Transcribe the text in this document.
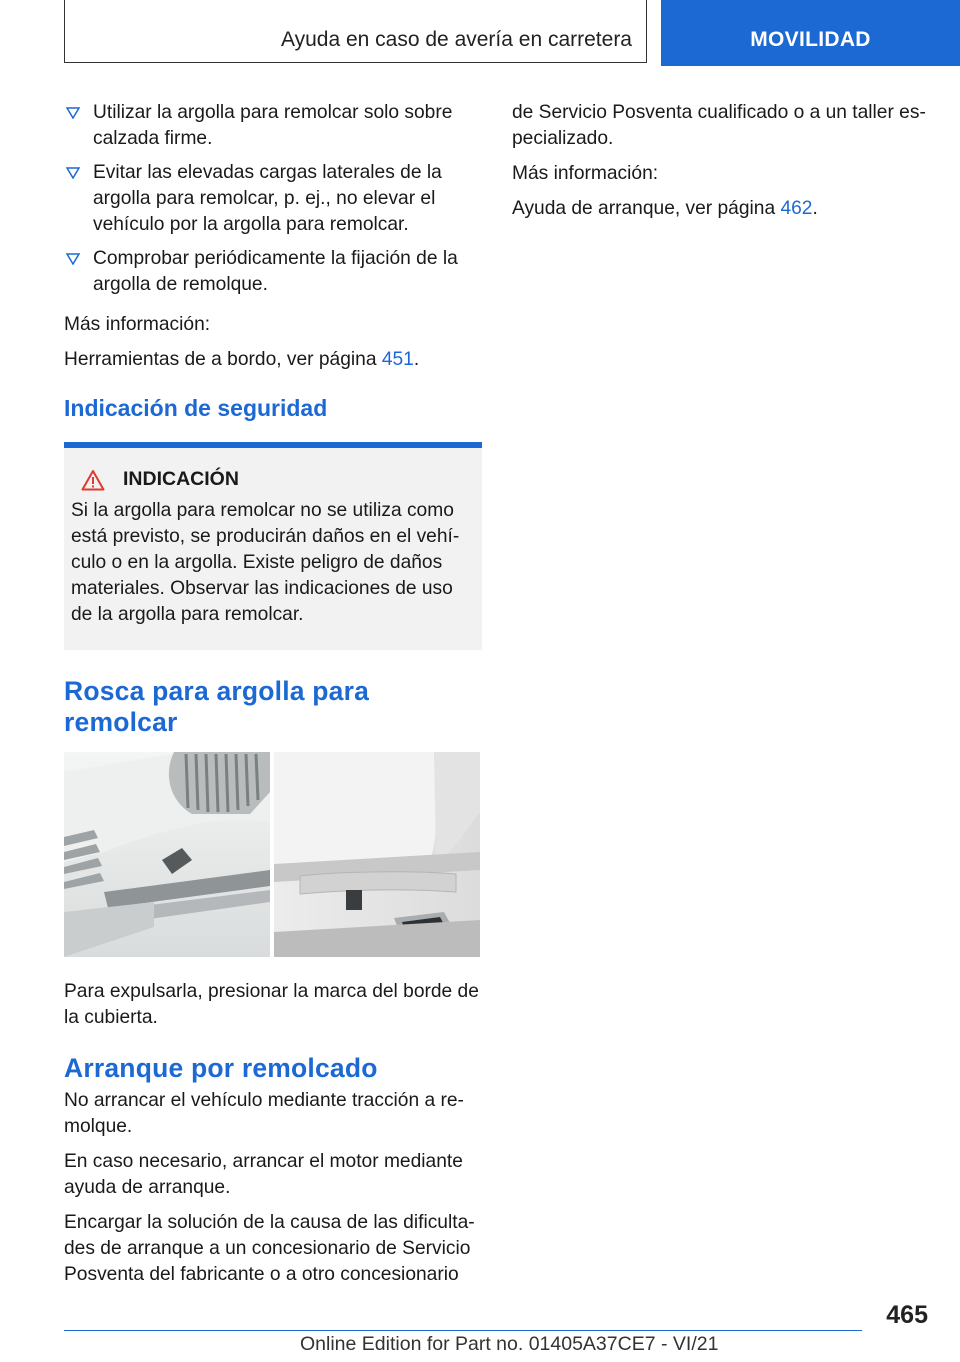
Ayuda en caso de avería en carretera	MOVILIDAD
Utilizar la argolla para remolcar solo sobre calzada firme.
Evitar las elevadas cargas laterales de la argolla para remolcar, p. ej., no elevar el vehículo por la argolla para remolcar.
Comprobar periódicamente la fijación de la argolla de remolque.

Más información:

Herramientas de a bordo, ver página 451.

Indicación de seguridad
INDICACIÓN
Si la argolla para remolcar no se utiliza como está previsto, se producirán daños en el vehículo o en la argolla. Existe peligro de daños materiales. Observar las indicaciones de uso de la argolla para remolcar.
Rosca para argolla para remolcar

Para expulsarla, presionar la marca del borde de la cubierta.

Arranque por remolcado

No arrancar el vehículo mediante tracción a remolque.

En caso necesario, arrancar el motor mediante ayuda de arranque.

Encargar la solución de la causa de las dificultades de arranque a un concesionario de Servicio Posventa del fabricante o a otro concesionario

de Servicio Posventa cualificado o a un taller especializado.

Más información:

Ayuda de arranque, ver página 462.

465
Online Edition for Part no. 01405A37CE7 - VI/21
